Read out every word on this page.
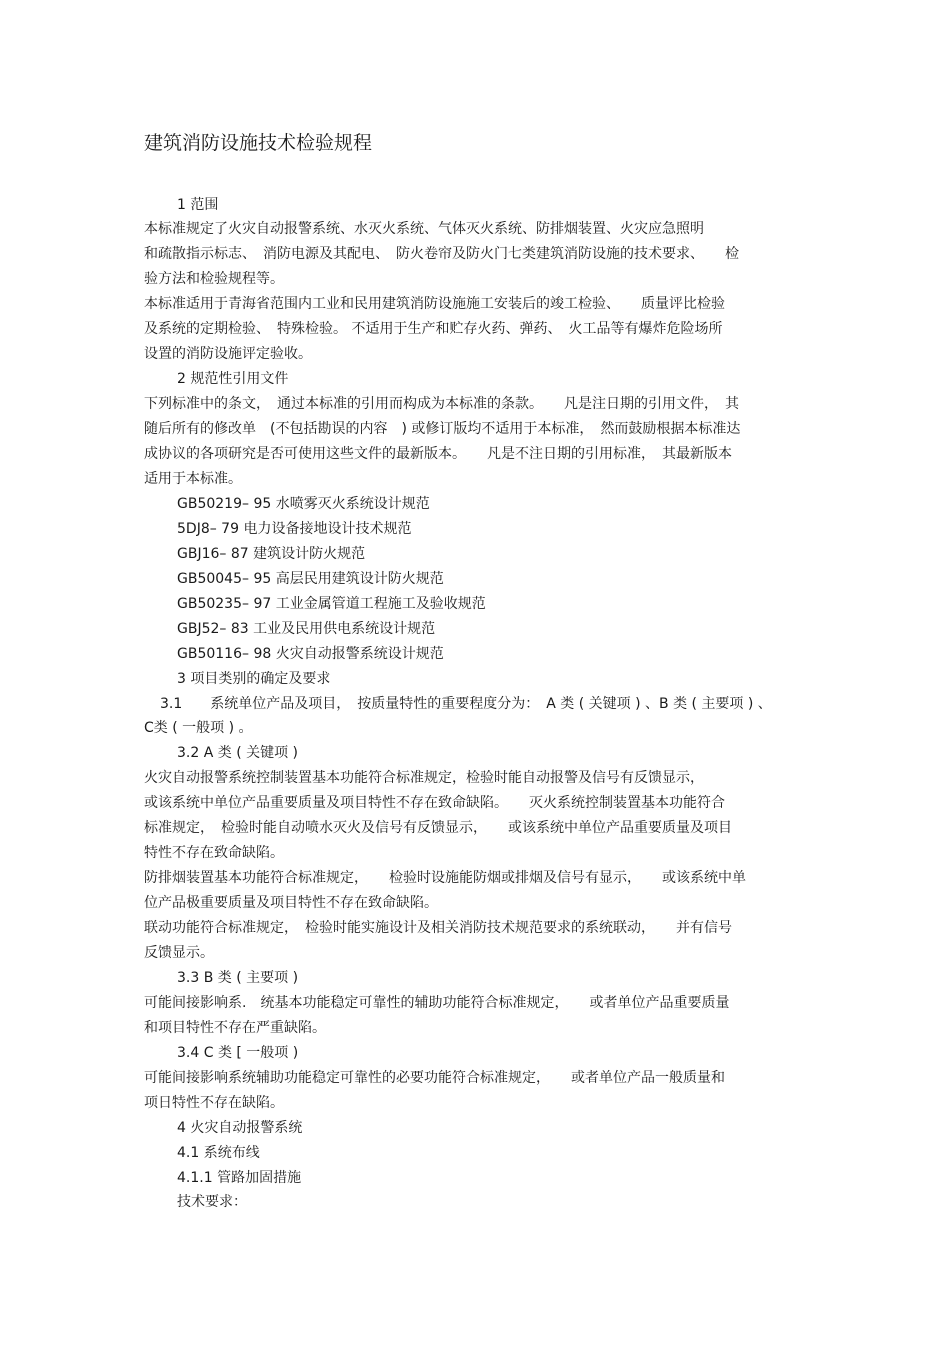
建筑消防设施技术检验规程
1 范围
本标准规定了火灾自动报警系统、水灭火系统、气体灭火系统、防排烟装置、火灾应急照明
和疏散指示标志、　消防电源及其配电、　防火卷帘及防火门七类建筑消防设施的技术要求、　　检
验方法和检验规程等。
本标准适用于青海省范围内工业和民用建筑消防设施施工安装后的竣工检验、　　质量评比检验
及系统的定期检验、　特殊检验。 不适用于生产和贮存火药、弹药、　火工品等有爆炸危险场所
设置的消防设施评定验收。
2 规范性引用文件
下列标准中的条文，　通过本标准的引用而构成为本标准的条款。　　凡是注日期的引用文件，　其
随后所有的修改单　(不包括勘误的内容　) 或修订版均不适用于本标准，　然而鼓励根据本标准达
成协议的各项研究是否可使用这些文件的最新版本。　　凡是不注日期的引用标准，　其最新版本
适用于本标准。
GB50219– 95 水喷雾灭火系统设计规范
5DJ8– 79 电力设备接地设计技术规范
GBJ16– 87 建筑设计防火规范
GB50045– 95 高层民用建筑设计防火规范
GB50235– 97 工业金属管道工程施工及验收规范
GBJ52– 83 工业及民用供电系统设计规范
GB50116– 98 火灾自动报警系统设计规范
3 项目类别的确定及要求
3.1　　系统单位产品及项目，　按质量特性的重要程度分为：　A 类 ( 关键项 ) 、B 类 ( 主要项 ) 、
C类 ( 一般项 ) 。
3.2 A 类 ( 关键项 )
火灾自动报警系统控制装置基本功能符合标准规定，检验时能自动报警及信号有反馈显示，
或该系统中单位产品重要质量及项目特性不存在致命缺陷。　　灭火系统控制装置基本功能符合
标准规定，　检验时能自动喷水灭火及信号有反馈显示，　　或该系统中单位产品重要质量及项目
特性不存在致命缺陷。
防排烟装置基本功能符合标准规定，　　检验时设施能防烟或排烟及信号有显示，　　或该系统中单
位产品极重要质量及项目特性不存在致命缺陷。
联动功能符合标准规定，　检验时能实施设计及相关消防技术规范要求的系统联动，　　并有信号
反馈显示。
3.3 B 类 ( 主要项 )
可能间接影响系.　统基本功能稳定可靠性的辅助功能符合标准规定，　　或者单位产品重要质量
和项目特性不存在严重缺陷。
3.4 C 类 [ 一般项 )
可能间接影响系统辅助功能稳定可靠性的必要功能符合标准规定，　　或者单位产品一般质量和
项日特性不存在缺陷。
4 火灾自动报警系统
4.1 系统布线
4.1.1 管路加固措施
技术要求：
